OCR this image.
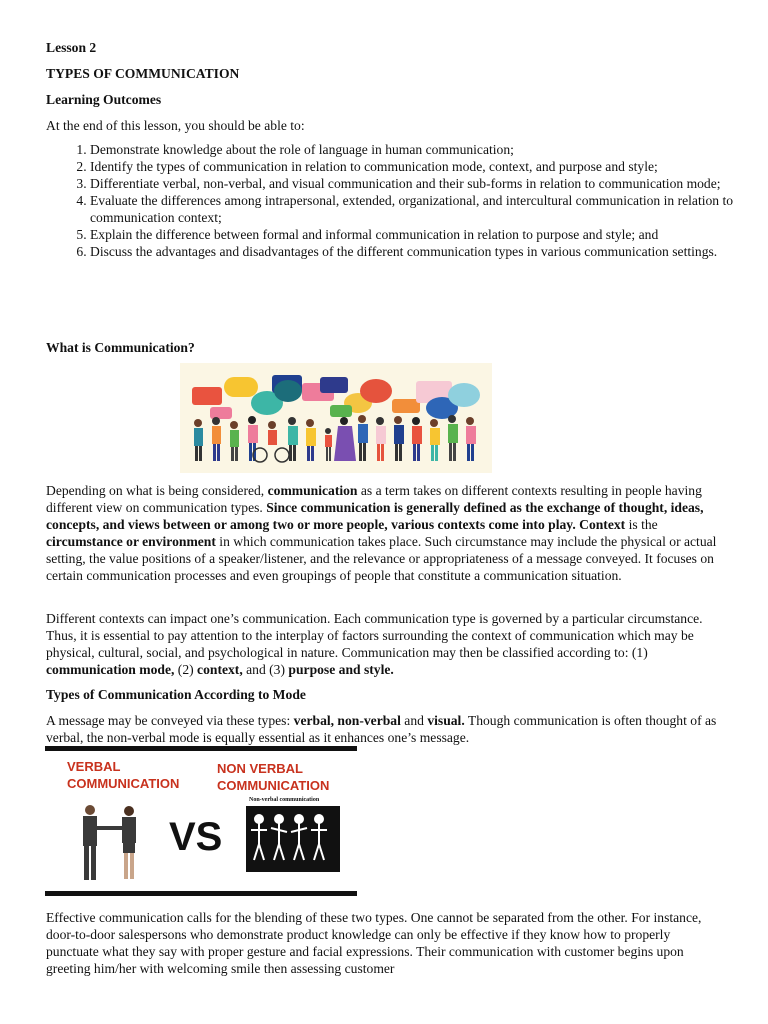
Lesson 2
TYPES OF COMMUNICATION
Learning Outcomes
At the end of this lesson, you should be able to:
1. Demonstrate knowledge about the role of language in human communication;
2. Identify the types of communication in relation to communication mode, context, and purpose and style;
3. Differentiate verbal, non-verbal, and visual communication and their sub-forms in relation to communication mode;
4. Evaluate the differences among intrapersonal, extended, organizational, and intercultural communication in relation to communication context;
5. Explain the difference between formal and informal communication in relation to purpose and style; and
6. Discuss the advantages and disadvantages of the different communication types in various communication settings.
What is Communication?

Depending on what is being considered, communication as a term takes on different contexts resulting in people having different view on communication types. Since communication is generally defined as the exchange of thought, ideas, concepts, and views between or among two or more people, various contexts come into play. Context is the circumstance or environment in which communication takes place. Such circumstance may include the physical or actual setting, the value positions of a speaker/listener, and the relevance or appropriateness of a message conveyed. It focuses on certain communication processes and even groupings of people that constitute a communication situation.

Different contexts can impact one’s communication. Each communication type is governed by a particular circumstance. Thus, it is essential to pay attention to the interplay of factors surrounding the context of communication which may be physical, cultural, social, and psychological in nature. Communication may then be classified according to: (1) communication mode, (2) context, and (3) purpose and style.

Types of Communication According to Mode

A message may be conveyed via these types: verbal, non-verbal and visual. Though communication is often thought of as verbal, the non-verbal mode is equally essential as it enhances one’s message.

VERBAL
COMMUNICATION
NON VERBAL
COMMUNICATION
VS
Non-verbal communication

Effective communication calls for the blending of these two types. One cannot be separated from the other. For instance, door-to-door salespersons who demonstrate product knowledge can only be effective if they know how to properly punctuate what they say with proper gesture and facial expressions. Their communication with customer begins upon greeting him/her with welcoming smile then assessing customer
